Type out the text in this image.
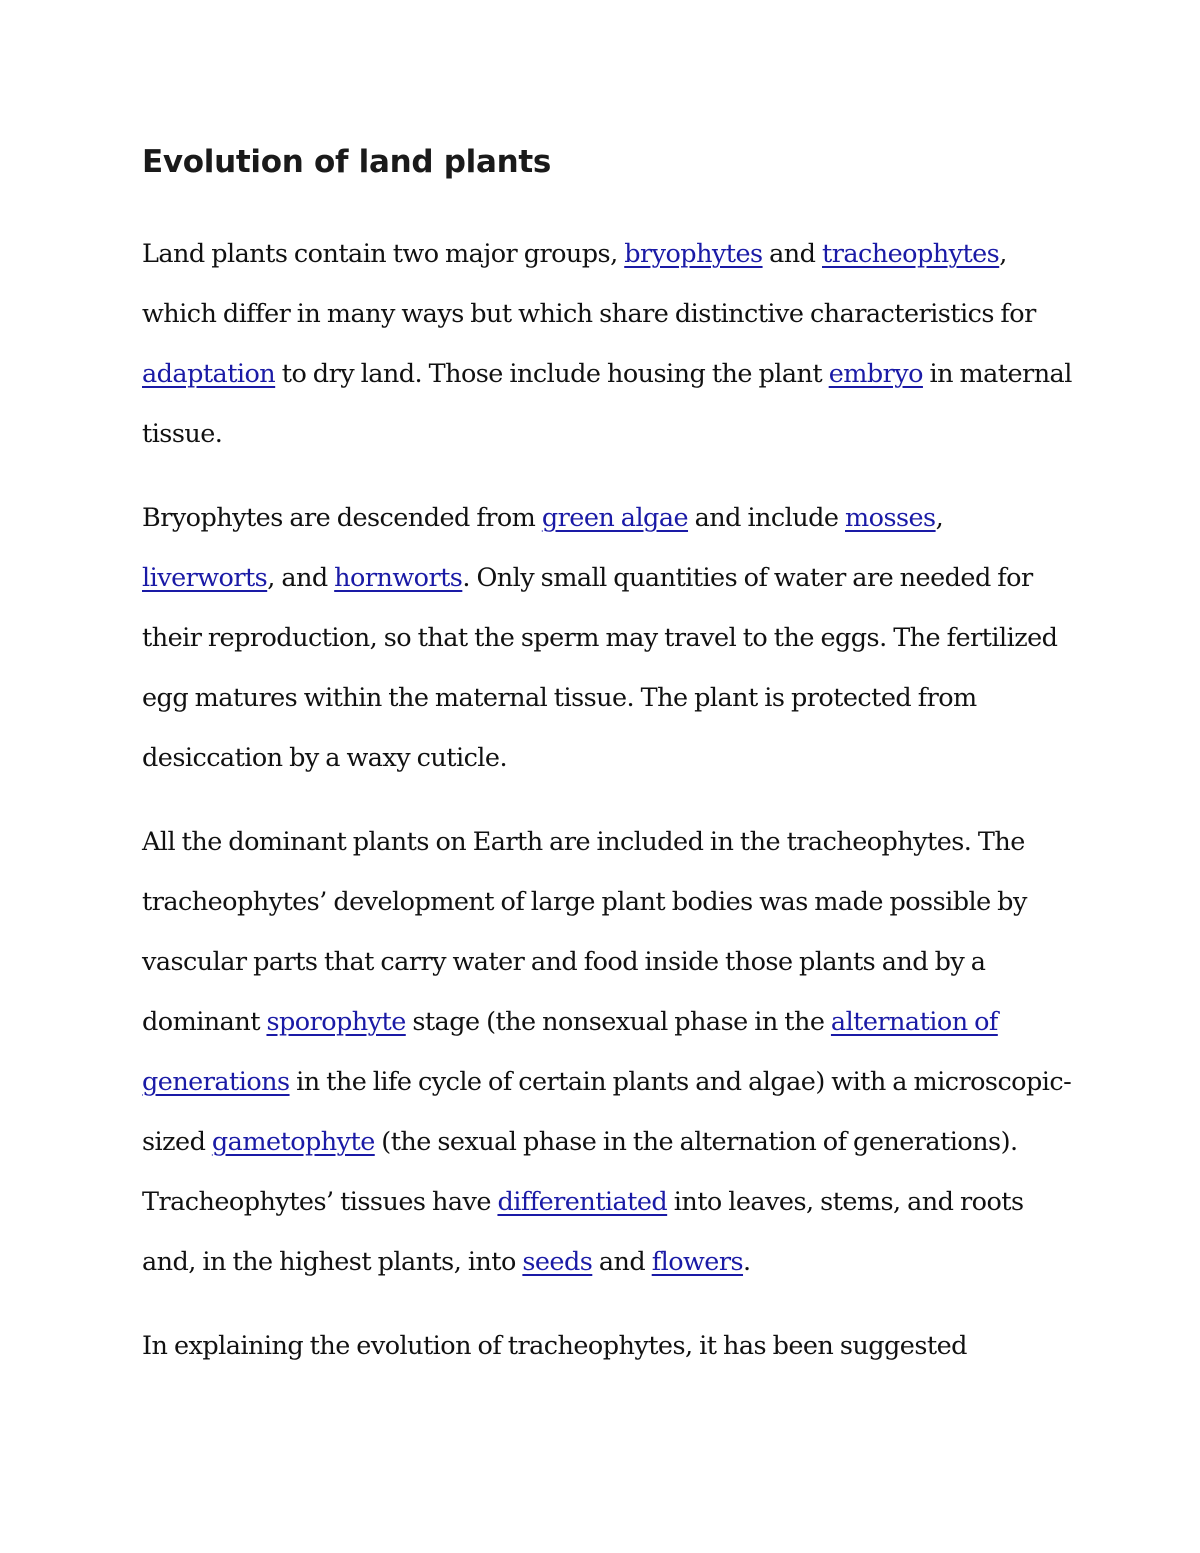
Evolution of land plants

Land plants contain two major groups, bryophytes and tracheophytes, which differ in many ways but which share distinctive characteristics for adaptation to dry land. Those include housing the plant embryo in maternal tissue.

Bryophytes are descended from green algae and include mosses, liverworts, and hornworts. Only small quantities of water are needed for their reproduction, so that the sperm may travel to the eggs. The fertilized egg matures within the maternal tissue. The plant is protected from desiccation by a waxy cuticle.

All the dominant plants on Earth are included in the tracheophytes. The tracheophytes’ development of large plant bodies was made possible by vascular parts that carry water and food inside those plants and by a dominant sporophyte stage (the nonsexual phase in the alternation of generations in the life cycle of certain plants and algae) with a microscopic-sized gametophyte (the sexual phase in the alternation of generations). Tracheophytes’ tissues have differentiated into leaves, stems, and roots and, in the highest plants, into seeds and flowers.

In explaining the evolution of tracheophytes, it has been suggested
